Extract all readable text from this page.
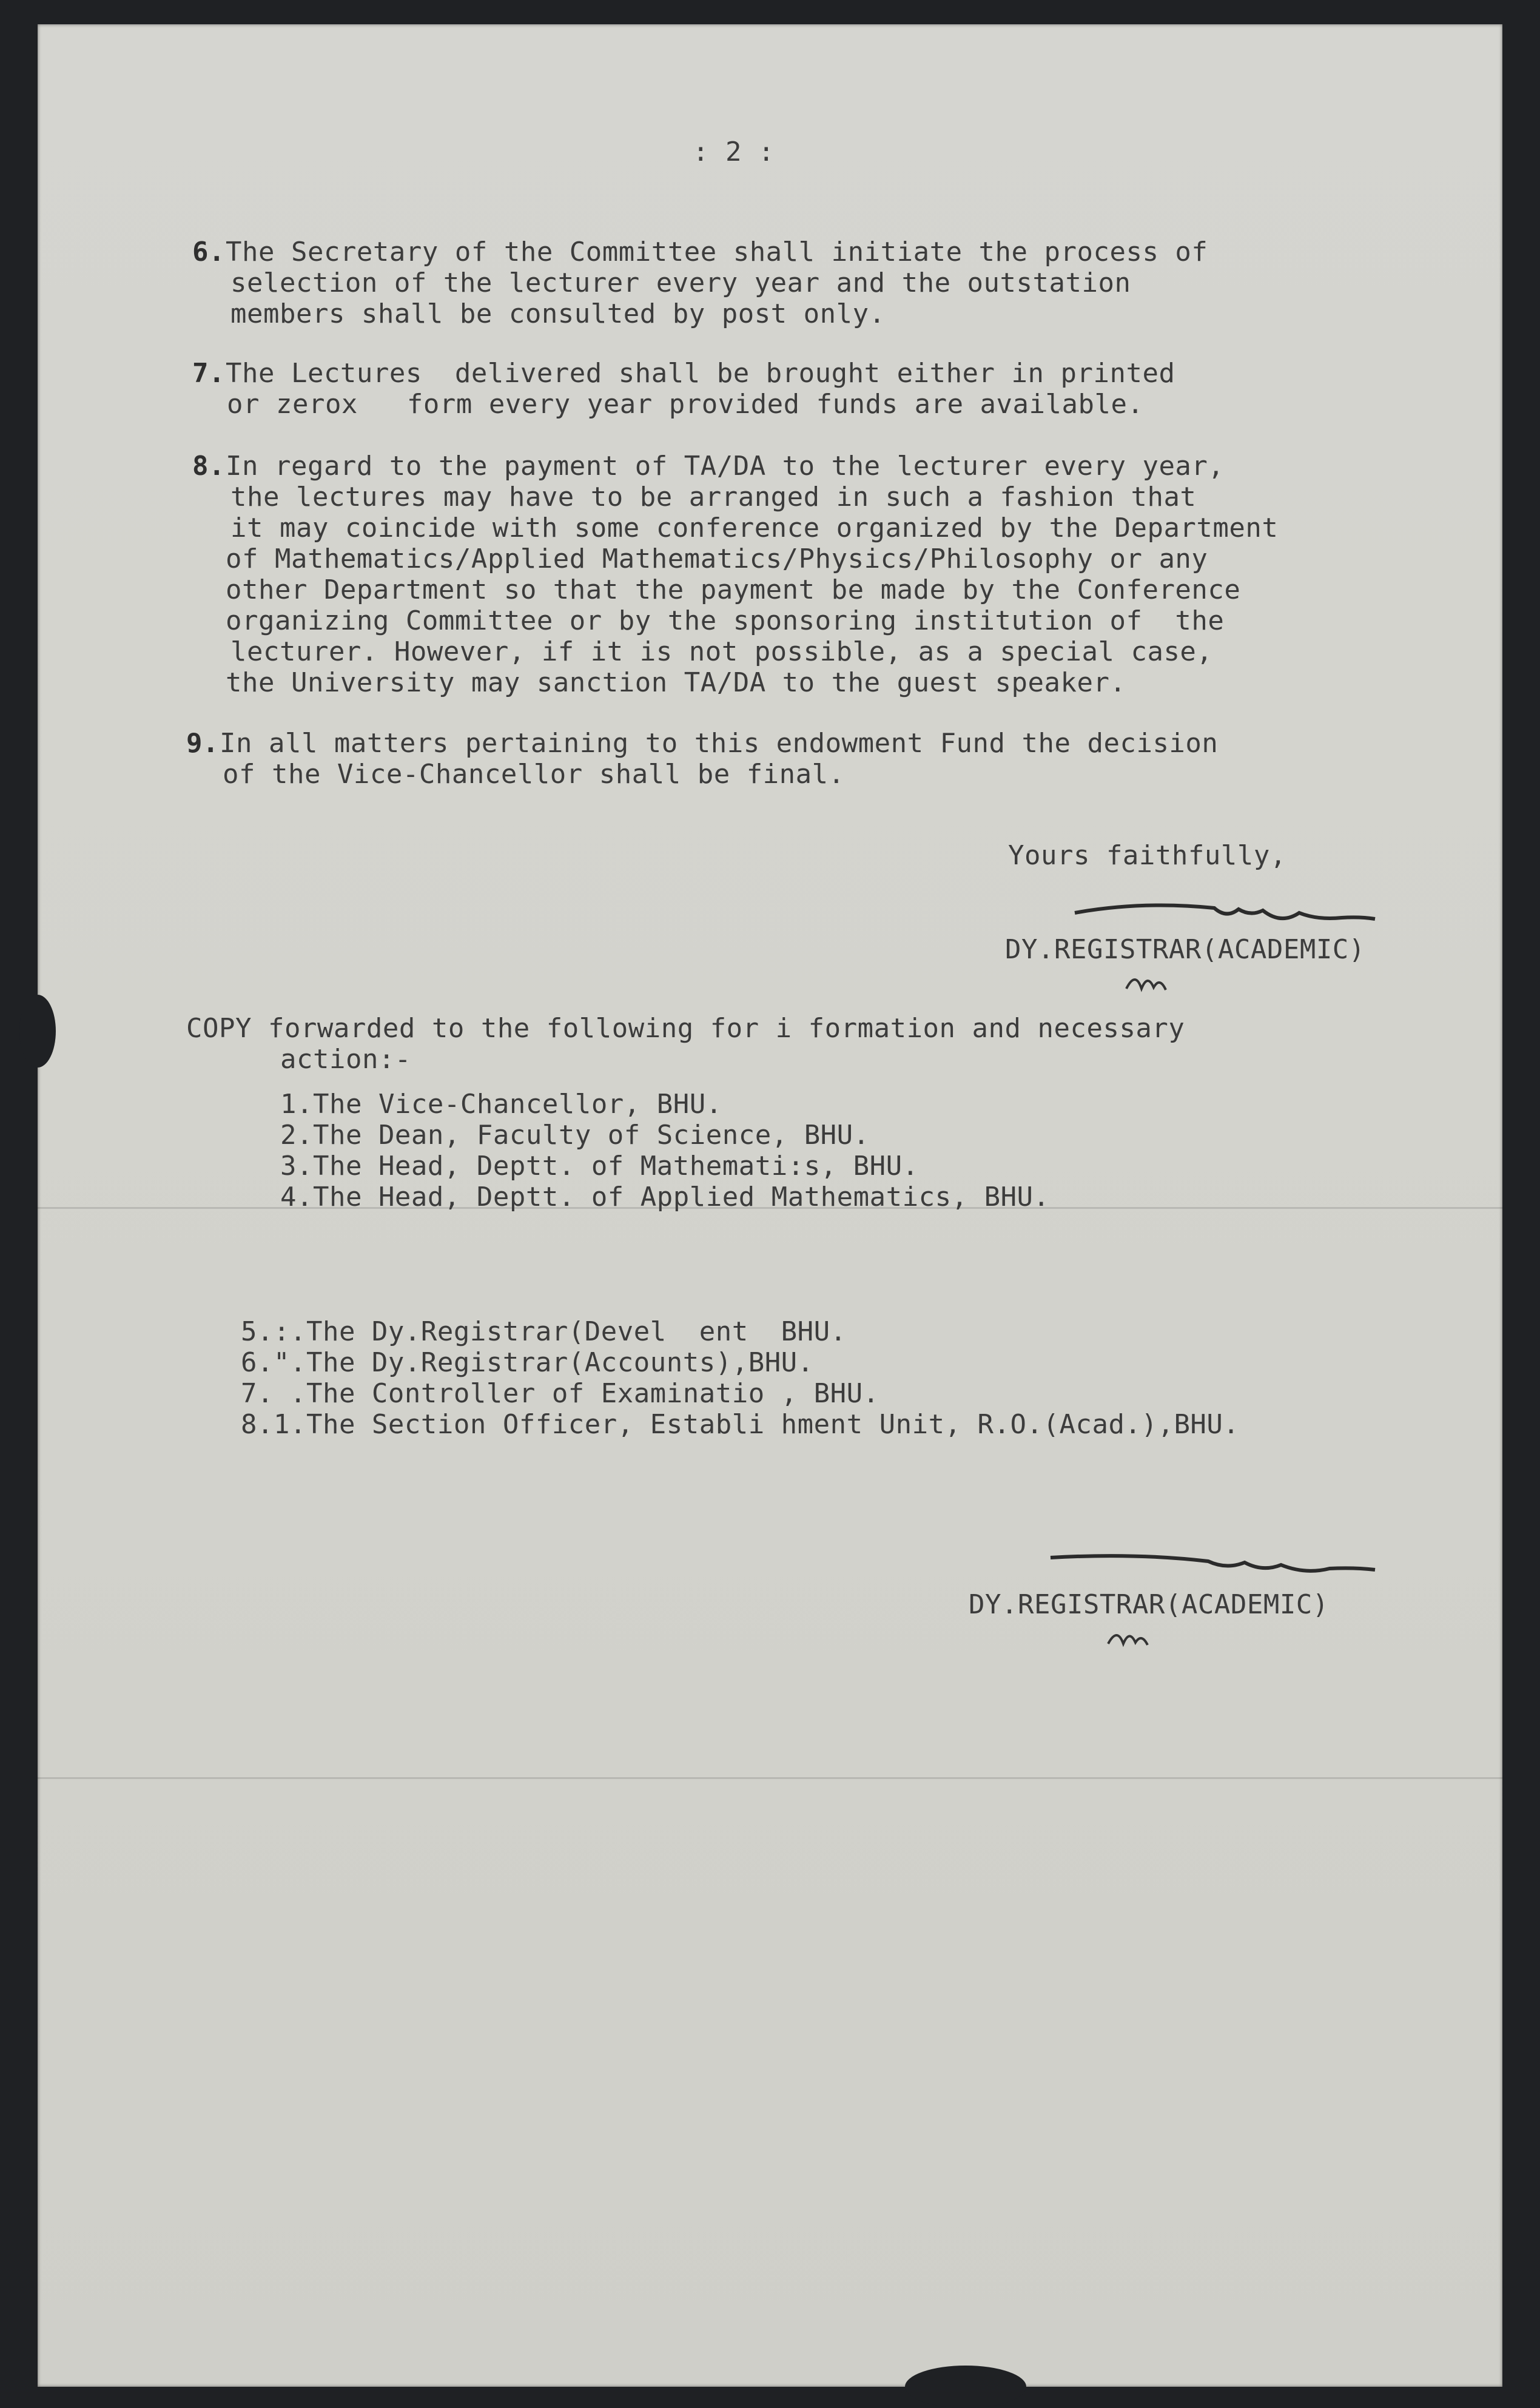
: 2 :
6. The Secretary of the Committee shall initiate the process of
selection of the lecturer every year and the outstation
members shall be consulted by post only.
7. The Lectures  delivered shall be brought either in printed
or zerox   form every year provided funds are available.
8. In regard to the payment of TA/DA to the lecturer every year,
the lectures may have to be arranged in such a fashion that
it may coincide with some conference organized by the Department
of Mathematics/Applied Mathematics/Physics/Philosophy or any
other Department so that the payment be made by the Conference
organizing Committee or by the sponsoring institution of  the
lecturer. However, if it is not possible, as a special case,
the University may sanction TA/DA to the guest speaker.
9. In all matters pertaining to this endowment Fund the decision
of the Vice-Chancellor shall be final.
Yours faithfully,
DY.REGISTRAR(ACADEMIC)
COPY forwarded to the following for i formation and necessary
action:-
1.The Vice-Chancellor, BHU.
2.The Dean, Faculty of Science, BHU.
3.The Head, Deptt. of Mathemati:s, BHU.
4.The Head, Deptt. of Applied Mathematics, BHU.
5.:.The Dy.Registrar(Devel  ent  BHU.
6.".The Dy.Registrar(Accounts),BHU.
7. .The Controller of Examinatio , BHU.
8.1.The Section Officer, Establi hment Unit, R.O.(Acad.),BHU.
DY.REGISTRAR(ACADEMIC)
